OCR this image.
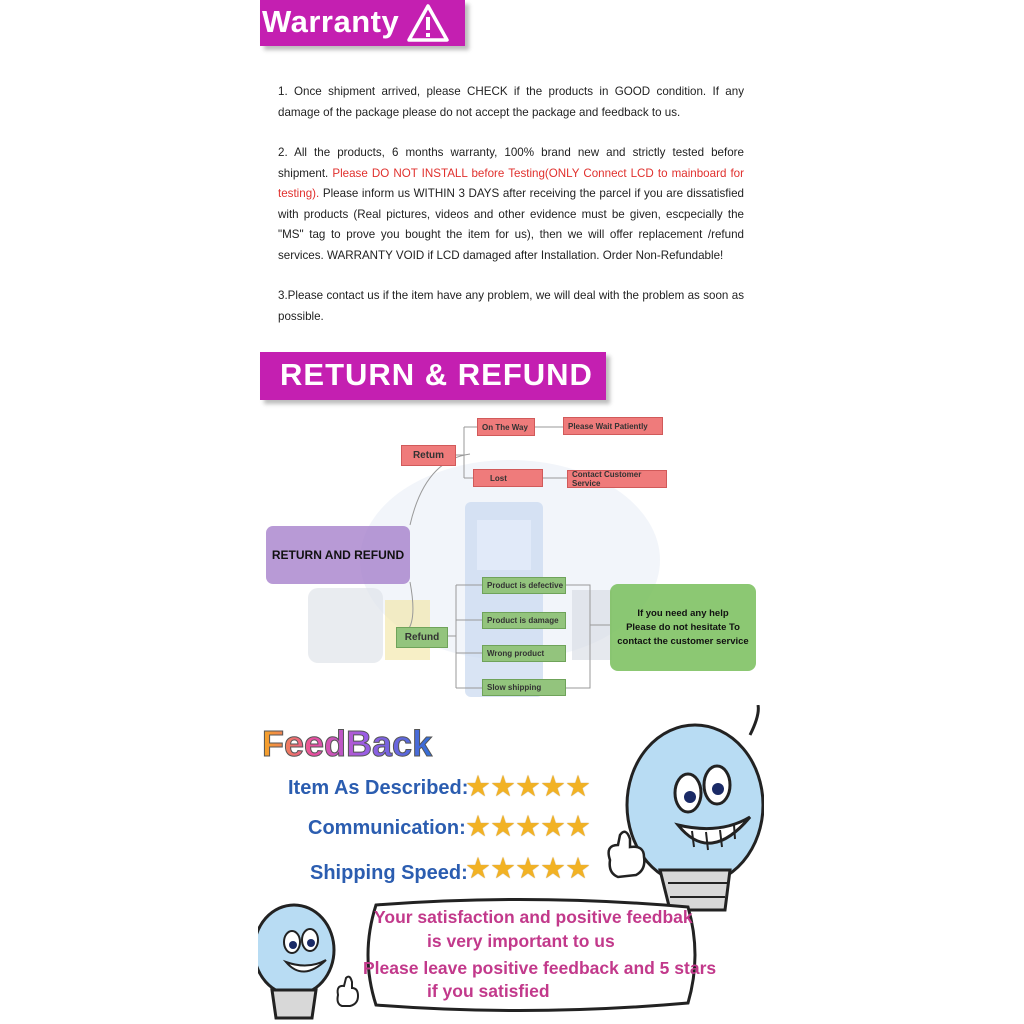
Warranty
1. Once shipment arrived, please CHECK if the products in GOOD condition. If any damage of the package please do not accept the package and feedback to us.
2. All the products, 6 months warranty, 100% brand new and strictly tested before shipment. Please DO NOT INSTALL before Testing(ONLY Connect LCD to mainboard for testing). Please inform us WITHIN 3 DAYS after receiving the parcel if you are dissatisfied with products (Real pictures, videos and other evidence must be given, escpecially the "MS" tag to prove you bought the item for us), then we will offer replacement /refund services. WARRANTY VOID if LCD damaged after Installation. Order Non-Refundable!
3.Please contact us if the item have any problem, we will deal with the problem as soon as possible.
RETURN & REFUND
Retum
On The Way	Please Wait Patiently
Lost	Contact Customer Service
RETURN AND REFUND
Refund
Product is defective
Product is damage
Wrong product
Slow shipping
If you need any help
Please do not hesitate To
contact the customer service
FeedBack
Item As Described:
★★★★★
Communication: ★★★★★
Shipping Speed:
★★★★★
Your satisfaction and positive feedbak
is very important to us
Please leave positive feedback and 5 stars
if you satisfied
